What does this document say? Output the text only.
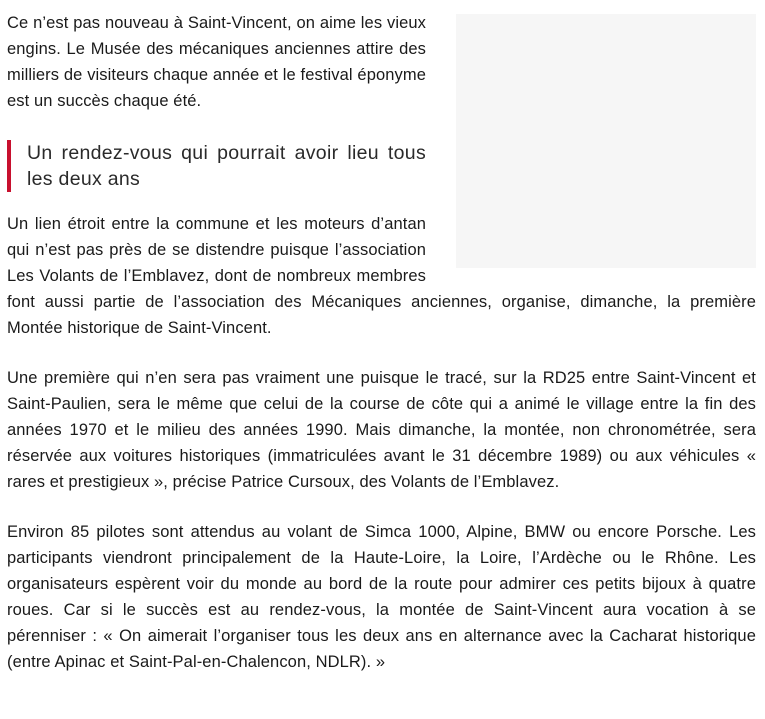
Ce n’est pas nouveau à Saint-Vincent, on aime les vieux engins. Le Musée des mécaniques anciennes attire des milliers de visiteurs chaque année et le festival éponyme est un succès chaque été.

Un rendez-vous qui pourrait avoir lieu tous les deux ans

Un lien étroit entre la commune et les moteurs d’antan qui n’est pas près de se distendre puisque l’association Les Volants de l’Emblavez, dont de nombreux membres font aussi partie de l’association des Mécaniques anciennes, organise, dimanche, la première Montée historique de Saint-Vincent.

Une première qui n’en sera pas vraiment une puisque le tracé, sur la RD25 entre Saint-Vincent et Saint-Paulien, sera le même que celui de la course de côte qui a animé le village entre la fin des années 1970 et le milieu des années 1990. Mais dimanche, la montée, non chronométrée, sera réservée aux voitures historiques (immatriculées avant le 31 décembre 1989) ou aux véhicules « rares et prestigieux », précise Patrice Cursoux, des Volants de l’Emblavez.

Environ 85 pilotes sont attendus au volant de Simca 1000, Alpine, BMW ou encore Porsche. Les participants viendront principalement de la Haute-Loire, la Loire, l’Ardèche ou le Rhône. Les organisateurs espèrent voir du monde au bord de la route pour admirer ces petits bijoux à quatre roues. Car si le succès est au rendez-vous, la montée de Saint-Vincent aura vocation à se pérenniser : « On aimerait l’organiser tous les deux ans en alternance avec la Cacharat historique (entre Apinac et Saint-Pal-en-Chalencon, NDLR). »
